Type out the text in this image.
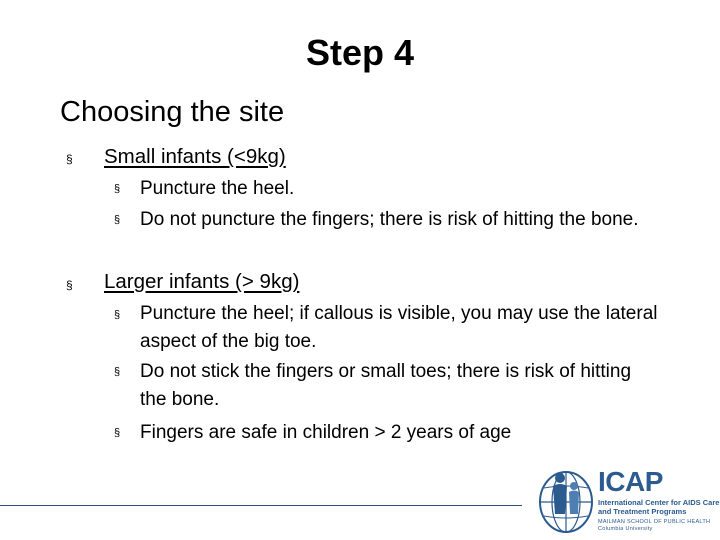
Step 4
Choosing the site
§ Small infants (<9kg)
§ Puncture the heel.
§ Do not puncture the fingers; there is risk of hitting the bone.
§ Larger infants (> 9kg)
§ Puncture the heel; if callous is visible, you may use the lateral aspect of the big toe.
§ Do not stick the fingers or small toes; there is risk of hitting the bone.
§ Fingers are safe in children > 2 years of age
ICAP
International Center for AIDS Care and Treatment Programs
MAILMAN SCHOOL OF PUBLIC HEALTH
Columbia University
